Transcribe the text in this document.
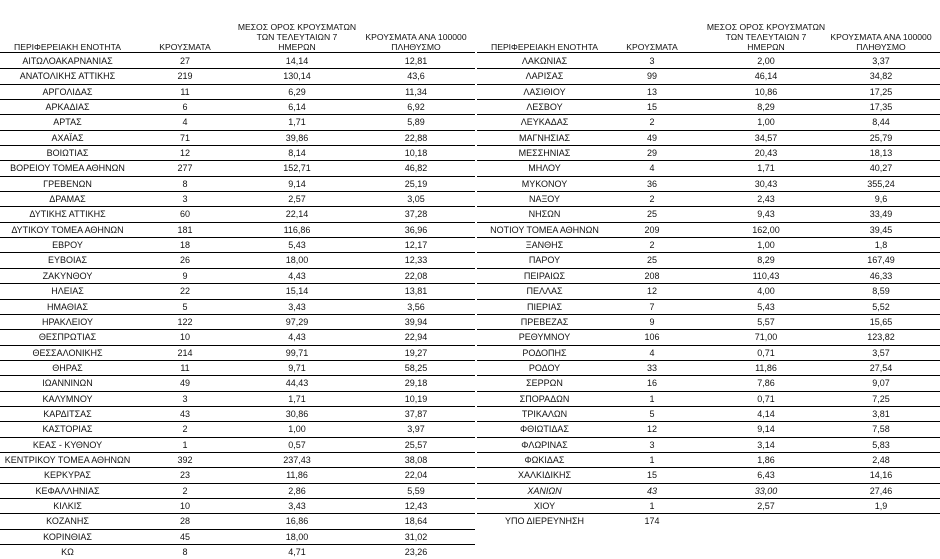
ΠΕΡΙΦΕΡΕΙΑΚΗ ΕΝΟΤΗΤΑ	ΚΡΟΥΣΜΑΤΑ
ΜΕΣΟΣ ΟΡΟΣ ΚΡΟΥΣΜΑΤΩΝ
ΤΩΝ ΤΕΛΕΥΤΑΙΩΝ 7
ΗΜΕΡΩΝ
ΚΡΟΥΣΜΑΤΑ ΑΝΑ 100000
ΠΛΗΘΥΣΜΟ
ΑΙΤΩΛΟΑΚΑΡΝΑΝΙΑΣ	27	14,14	12,81
ΑΝΑΤΟΛΙΚΗΣ ΑΤΤΙΚΗΣ	219	130,14	43,6
ΑΡΓΟΛΙΔΑΣ	11	6,29	11,34
ΑΡΚΑΔΙΑΣ	6	6,14	6,92
ΑΡΤΑΣ	4	1,71	5,89
ΑΧΑΪΑΣ	71	39,86	22,88
ΒΟΙΩΤΙΑΣ	12	8,14	10,18
ΒΟΡΕΙΟΥ ΤΟΜΕΑ ΑΘΗΝΩΝ	277	152,71	46,82
ΓΡΕΒΕΝΩΝ	8	9,14	25,19
ΔΡΑΜΑΣ	3	2,57	3,05
ΔΥΤΙΚΗΣ ΑΤΤΙΚΗΣ	60	22,14	37,28
ΔΥΤΙΚΟΥ ΤΟΜΕΑ ΑΘΗΝΩΝ	181	116,86	36,96
ΕΒΡΟΥ	18	5,43	12,17
ΕΥΒΟΙΑΣ	26	18,00	12,33
ΖΑΚΥΝΘΟΥ	9	4,43	22,08
ΗΛΕΙΑΣ	22	15,14	13,81
ΗΜΑΘΙΑΣ	5	3,43	3,56
ΗΡΑΚΛΕΙΟΥ	122	97,29	39,94
ΘΕΣΠΡΩΤΙΑΣ	10	4,43	22,94
ΘΕΣΣΑΛΟΝΙΚΗΣ	214	99,71	19,27
ΘΗΡΑΣ	11	9,71	58,25
ΙΩΑΝΝΙΝΩΝ	49	44,43	29,18
ΚΑΛΥΜΝΟΥ	3	1,71	10,19
ΚΑΡΔΙΤΣΑΣ	43	30,86	37,87
ΚΑΣΤΟΡΙΑΣ	2	1,00	3,97
ΚΕΑΣ - ΚΥΘΝΟΥ	1	0,57	25,57
ΚΕΝΤΡΙΚΟΥ ΤΟΜΕΑ ΑΘΗΝΩΝ	392	237,43	38,08
ΚΕΡΚΥΡΑΣ	23	11,86	22,04
ΚΕΦΑΛΛΗΝΙΑΣ	2	2,86	5,59
ΚΙΛΚΙΣ	10	3,43	12,43
ΚΟΖΑΝΗΣ	28	16,86	18,64
ΚΟΡΙΝΘΙΑΣ	45	18,00	31,02
ΚΩ	8	4,71	23,26
ΠΕΡΙΦΕΡΕΙΑΚΗ ΕΝΟΤΗΤΑ	ΚΡΟΥΣΜΑΤΑ
ΜΕΣΟΣ ΟΡΟΣ ΚΡΟΥΣΜΑΤΩΝ
ΤΩΝ ΤΕΛΕΥΤΑΙΩΝ 7
ΗΜΕΡΩΝ
ΚΡΟΥΣΜΑΤΑ ΑΝΑ 100000
ΠΛΗΘΥΣΜΟ
ΛΑΚΩΝΙΑΣ	3	2,00	3,37
ΛΑΡΙΣΑΣ	99	46,14	34,82
ΛΑΣΙΘΙΟΥ	13	10,86	17,25
ΛΕΣΒΟΥ	15	8,29	17,35
ΛΕΥΚΑΔΑΣ	2	1,00	8,44
ΜΑΓΝΗΣΙΑΣ	49	34,57	25,79
ΜΕΣΣΗΝΙΑΣ	29	20,43	18,13
ΜΗΛΟΥ	4	1,71	40,27
ΜΥΚΟΝΟΥ	36	30,43	355,24
ΝΑΞΟΥ	2	2,43	9,6
ΝΗΣΩΝ	25	9,43	33,49
ΝΟΤΙΟΥ ΤΟΜΕΑ ΑΘΗΝΩΝ	209	162,00	39,45
ΞΑΝΘΗΣ	2	1,00	1,8
ΠΑΡΟΥ	25	8,29	167,49
ΠΕΙΡΑΙΩΣ	208	110,43	46,33
ΠΕΛΛΑΣ	12	4,00	8,59
ΠΙΕΡΙΑΣ	7	5,43	5,52
ΠΡΕΒΕΖΑΣ	9	5,57	15,65
ΡΕΘΥΜΝΟΥ	106	71,00	123,82
ΡΟΔΟΠΗΣ	4	0,71	3,57
ΡΟΔΟΥ	33	11,86	27,54
ΣΕΡΡΩΝ	16	7,86	9,07
ΣΠΟΡΑΔΩΝ	1	0,71	7,25
ΤΡΙΚΑΛΩΝ	5	4,14	3,81
ΦΘΙΩΤΙΔΑΣ	12	9,14	7,58
ΦΛΩΡΙΝΑΣ	3	3,14	5,83
ΦΩΚΙΔΑΣ	1	1,86	2,48
ΧΑΛΚΙΔΙΚΗΣ	15	6,43	14,16
ΧΑΝΙΩΝ	43	33,00	27,46
ΧΙΟΥ	1	2,57	1,9
ΥΠΟ ΔΙΕΡΕΥΝΗΣΗ	174
